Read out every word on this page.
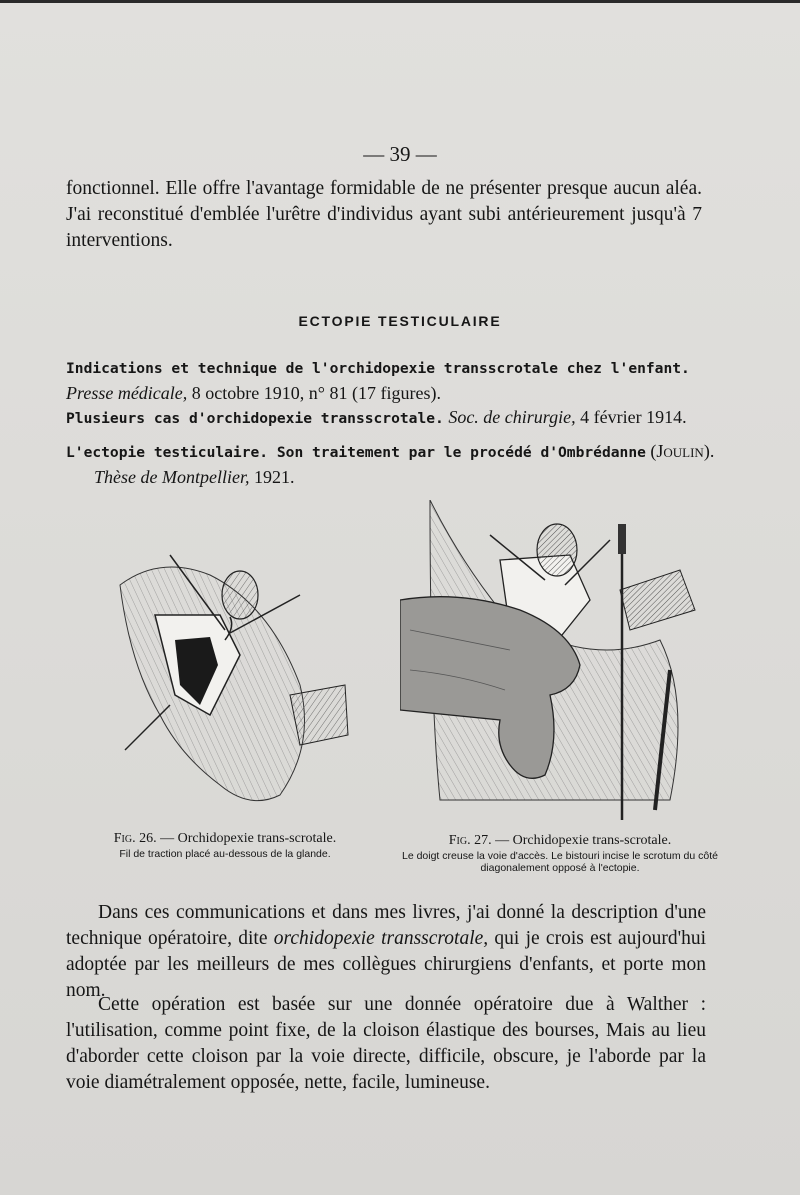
— 39 —
fonctionnel. Elle offre l'avantage formidable de ne présenter presque aucun aléa. J'ai reconstitué d'emblée l'urêtre d'individus ayant subi antérieurement jusqu'à 7 interventions.
ECTOPIE TESTICULAIRE
Indications et technique de l'orchidopexie transscrotale chez l'enfant. Presse médicale, 8 octobre 1910, n° 81 (17 figures).
Plusieurs cas d'orchidopexie transscrotale. Soc. de chirurgie, 4 février 1914.
L'ectopie testiculaire. Son traitement par le procédé d'Ombrédanne (Joulin).
Thèse de Montpellier, 1921.
Fig. 26. — Orchidopexie trans-scrotale.
Fil de traction placé au-dessous de la glande.
Fig. 27. — Orchidopexie trans-scrotale.
Le doigt creuse la voie d'accès. Le bistouri incise le scrotum du côté diagonalement opposé à l'ectopie.
Dans ces communications et dans mes livres, j'ai donné la description d'une technique opératoire, dite orchidopexie transscrotale, qui je crois est aujourd'hui adoptée par les meilleurs de mes collègues chirurgiens d'enfants, et porte mon nom.
Cette opération est basée sur une donnée opératoire due à Walther : l'utilisation, comme point fixe, de la cloison élastique des bourses, Mais au lieu d'aborder cette cloison par la voie directe, difficile, obscure, je l'aborde par la voie diamétralement opposée, nette, facile, lumineuse.
